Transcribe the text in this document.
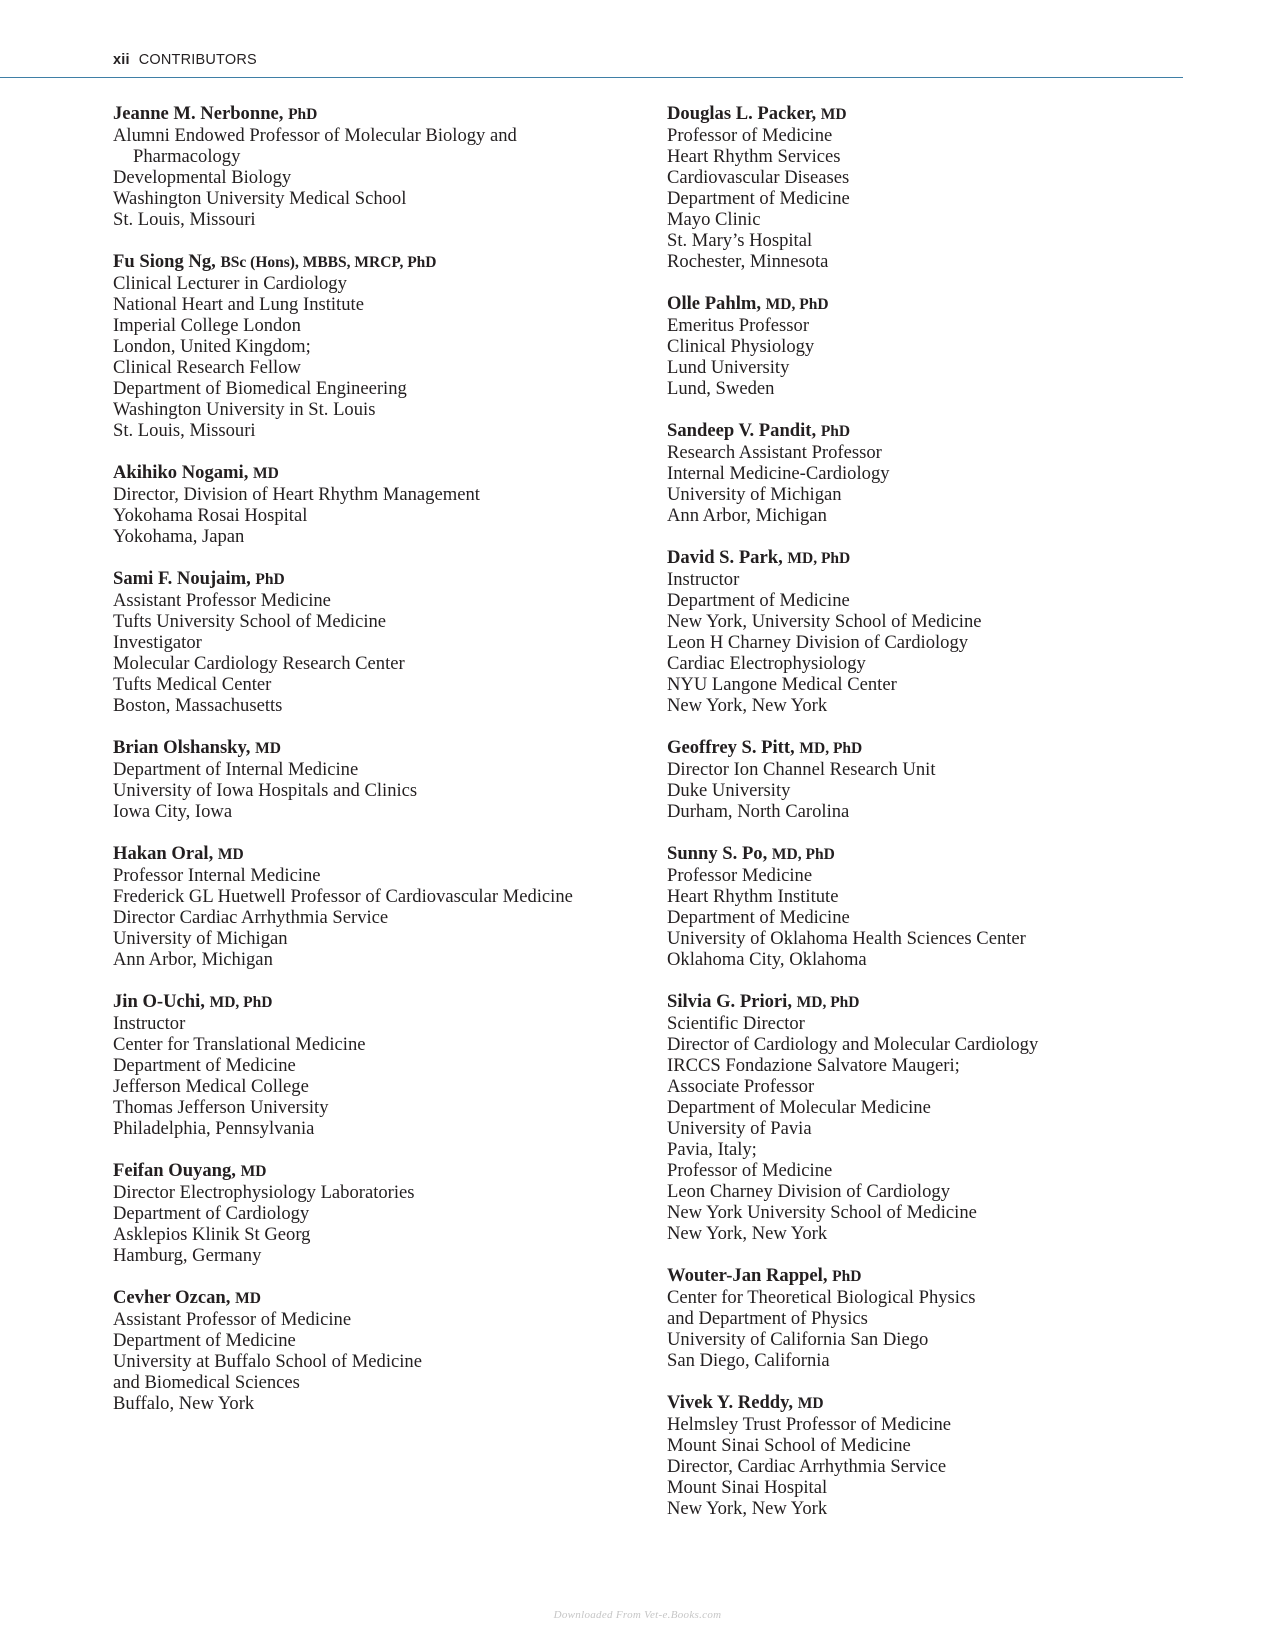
xii CONTRIBUTORS
Jeanne M. Nerbonne, PhD
Alumni Endowed Professor of Molecular Biology and
Pharmacology
Developmental Biology
Washington University Medical School
St. Louis, Missouri
Fu Siong Ng, BSc (Hons), MBBS, MRCP, PhD
Clinical Lecturer in Cardiology
National Heart and Lung Institute
Imperial College London
London, United Kingdom;
Clinical Research Fellow
Department of Biomedical Engineering
Washington University in St. Louis
St. Louis, Missouri
Akihiko Nogami, MD
Director, Division of Heart Rhythm Management
Yokohama Rosai Hospital
Yokohama, Japan
Sami F. Noujaim, PhD
Assistant Professor Medicine
Tufts University School of Medicine
Investigator
Molecular Cardiology Research Center
Tufts Medical Center
Boston, Massachusetts
Brian Olshansky, MD
Department of Internal Medicine
University of Iowa Hospitals and Clinics
Iowa City, Iowa
Hakan Oral, MD
Professor Internal Medicine
Frederick GL Huetwell Professor of Cardiovascular Medicine
Director Cardiac Arrhythmia Service
University of Michigan
Ann Arbor, Michigan
Jin O-Uchi, MD, PhD
Instructor
Center for Translational Medicine
Department of Medicine
Jefferson Medical College
Thomas Jefferson University
Philadelphia, Pennsylvania
Feifan Ouyang, MD
Director Electrophysiology Laboratories
Department of Cardiology
Asklepios Klinik St Georg
Hamburg, Germany
Cevher Ozcan, MD
Assistant Professor of Medicine
Department of Medicine
University at Buffalo School of Medicine
and Biomedical Sciences
Buffalo, New York
Douglas L. Packer, MD
Professor of Medicine
Heart Rhythm Services
Cardiovascular Diseases
Department of Medicine
Mayo Clinic
St. Mary’s Hospital
Rochester, Minnesota
Olle Pahlm, MD, PhD
Emeritus Professor
Clinical Physiology
Lund University
Lund, Sweden
Sandeep V. Pandit, PhD
Research Assistant Professor
Internal Medicine-Cardiology
University of Michigan
Ann Arbor, Michigan
David S. Park, MD, PhD
Instructor
Department of Medicine
New York, University School of Medicine
Leon H Charney Division of Cardiology
Cardiac Electrophysiology
NYU Langone Medical Center
New York, New York
Geoffrey S. Pitt, MD, PhD
Director Ion Channel Research Unit
Duke University
Durham, North Carolina
Sunny S. Po, MD, PhD
Professor Medicine
Heart Rhythm Institute
Department of Medicine
University of Oklahoma Health Sciences Center
Oklahoma City, Oklahoma
Silvia G. Priori, MD, PhD
Scientific Director
Director of Cardiology and Molecular Cardiology
IRCCS Fondazione Salvatore Maugeri;
Associate Professor
Department of Molecular Medicine
University of Pavia
Pavia, Italy;
Professor of Medicine
Leon Charney Division of Cardiology
New York University School of Medicine
New York, New York
Wouter-Jan Rappel, PhD
Center for Theoretical Biological Physics
and Department of Physics
University of California San Diego
San Diego, California
Vivek Y. Reddy, MD
Helmsley Trust Professor of Medicine
Mount Sinai School of Medicine
Director, Cardiac Arrhythmia Service
Mount Sinai Hospital
New York, New York
Downloaded From Vet-e.Books.com
